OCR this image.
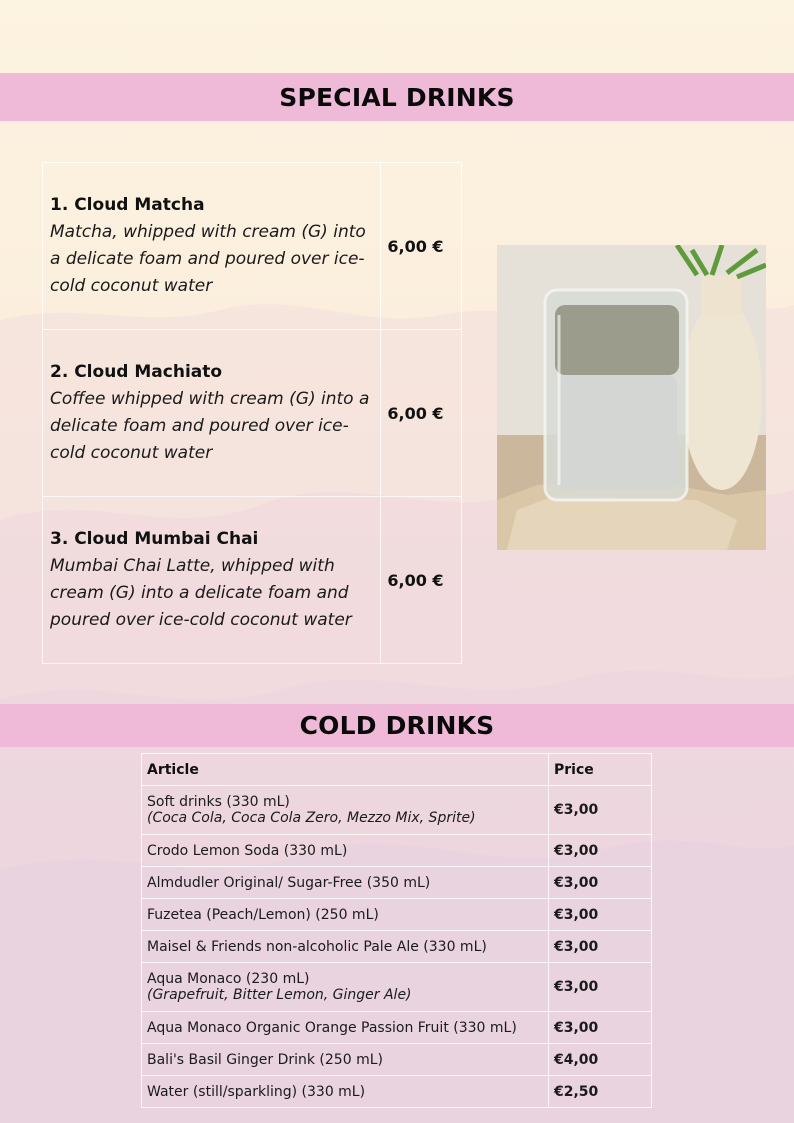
SPECIAL DRINKS
1. Cloud Matcha
Matcha, whipped with cream (G) into a delicate foam and poured over ice-cold coconut water	6,00 €

2. Cloud Machiato
Coffee whipped with cream (G) into a delicate foam and poured over ice-cold coconut water	6,00 €

3. Cloud Mumbai Chai
Mumbai Chai Latte, whipped with cream (G) into a delicate foam and poured over ice-cold coconut water	6,00 €
COLD DRINKS
Article	Price
Soft drinks (330 mL)
(Coca Cola, Coca Cola Zero, Mezzo Mix, Sprite)	€3,00
Crodo Lemon Soda (330 mL)	€3,00
Almdudler Original/ Sugar-Free (350 mL)	€3,00
Fuzetea (Peach/Lemon) (250 mL)	€3,00
Maisel & Friends non-alcoholic Pale Ale (330 mL)	€3,00
Aqua Monaco (230 mL)
(Grapefruit, Bitter Lemon, Ginger Ale)	€3,00
Aqua Monaco Organic Orange Passion Fruit (330 mL)	€3,00
Bali's Basil Ginger Drink (250 mL)	€4,00
Water (still/sparkling) (330 mL)	€2,50
